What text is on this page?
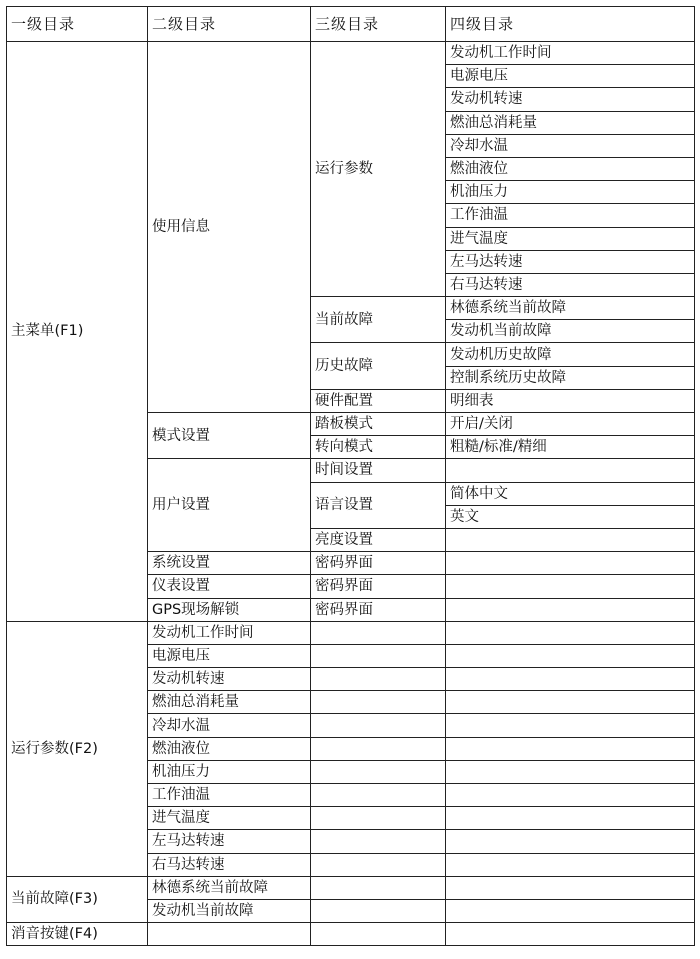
一级目录	二级目录	三级目录	四级目录
主菜单(F1)	使用信息	运行参数	发动机工作时间
			电源电压
			发动机转速
			燃油总消耗量
			冷却水温
			燃油液位
			机油压力
			工作油温
			进气温度
			左马达转速
			右马达转速
		当前故障	林德系统当前故障
			发动机当前故障
		历史故障	发动机历史故障
			控制系统历史故障
		硬件配置	明细表
	模式设置	踏板模式	开启/关闭
		转向模式	粗糙/标准/精细
	用户设置	时间设置	
		语言设置	简体中文
			英文
		亮度设置	
	系统设置	密码界面	
	仪表设置	密码界面	
	GPS现场解锁	密码界面	
运行参数(F2)	发动机工作时间		
	电源电压		
	发动机转速		
	燃油总消耗量		
	冷却水温		
	燃油液位		
	机油压力		
	工作油温		
	进气温度		
	左马达转速		
	右马达转速		
当前故障(F3)	林德系统当前故障		
	发动机当前故障		
消音按键(F4)			
